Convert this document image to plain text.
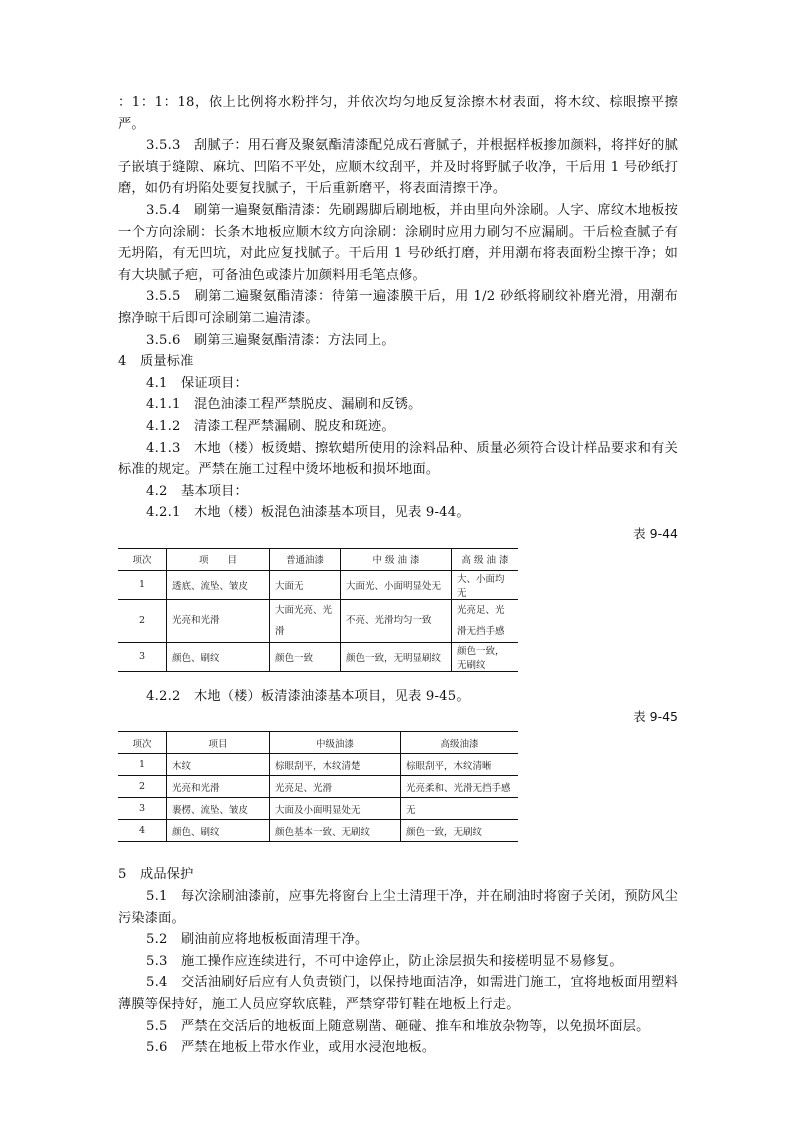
：1：1：18，依上比例将水粉拌匀，并依次均匀地反复涂擦木材表面，将木纹、棕眼擦平擦严。

3.5.3　刮腻子：用石膏及聚氨酯清漆配兑成石膏腻子，并根据样板掺加颜料，将拌好的腻子嵌填于缝隙、麻坑、凹陷不平处，应顺木纹刮平，并及时将野腻子收净，干后用 1 号砂纸打磨，如仍有坍陷处要复找腻子，干后重新磨平，将表面清擦干净。

3.5.4　刷第一遍聚氨酯清漆：先刷踢脚后刷地板，并由里向外涂刷。人字、席纹木地板按一个方向涂刷：长条木地板应顺木纹方向涂刷：涂刷时应用力刷匀不应漏刷。干后检查腻子有无坍陷，有无凹坑，对此应复找腻子。干后用 1 号砂纸打磨，并用潮布将表面粉尘擦干净；如有大块腻子疤，可备油色或漆片加颜料用毛笔点修。

3.5.5　刷第二遍聚氨酯清漆：待第一遍漆膜干后，用 1/2 砂纸将刷纹补磨光滑，用潮布擦净晾干后即可涂刷第二遍清漆。

3.5.6　刷第三遍聚氨酯清漆：方法同上。

4　质量标准

4.1　保证项目：

4.1.1　混色油漆工程严禁脱皮、漏刷和反锈。

4.1.2　清漆工程严禁漏刷、脱皮和斑迹。

4.1.3　木地（楼）板烫蜡、擦软蜡所使用的涂料品种、质量必须符合设计样品要求和有关标准的规定。严禁在施工过程中烫坏地板和损坏地面。

4.2　基本项目：

4.2.1　木地（楼）板混色油漆基本项目，见表 9-44。

表 9-44

项次	项　　目	普通油漆	中 级 油 漆	高 级 油 漆
1	透底、流坠、皱皮	大面无	大面光、小面明显处无	大、小面均无
2	光亮和光滑	大面光亮、光滑	不亮、光滑均匀一致	光亮足、光滑无挡手感
3	颜色、刷纹	颜色一致	颜色一致，无明显刷纹	颜色一致，无刷纹

4.2.2　木地（楼）板清漆油漆基本项目，见表 9-45。

表 9-45

项次	项目	中级油漆	高级油漆
1	木纹	棕眼刮平，木纹清楚	棕眼刮平，木纹清晰
2	光亮和光滑	光亮足、光滑	光亮柔和、光滑无挡手感
3	裹楞、流坠、皱皮	大面及小面明显处无	无
4	颜色、刷纹	颜色基本一致、无刷纹	颜色一致，无刷纹

5　成品保护

5.1　每次涂刷油漆前，应事先将窗台上尘土清理干净，并在刷油时将窗子关闭，预防风尘污染漆面。

5.2　刷油前应将地板板面清理干净。

5.3　施工操作应连续进行，不可中途停止，防止涂层损失和接槎明显不易修复。

5.4　交活油刷好后应有人负责锁门，以保持地面洁净，如需进门施工，宜将地板面用塑料薄膜等保持好，施工人员应穿软底鞋，严禁穿带钉鞋在地板上行走。

5.5　严禁在交活后的地板面上随意剔凿、砸碰、推车和堆放杂物等，以免损坏面层。

5.6　严禁在地板上带水作业，或用水浸泡地板。
